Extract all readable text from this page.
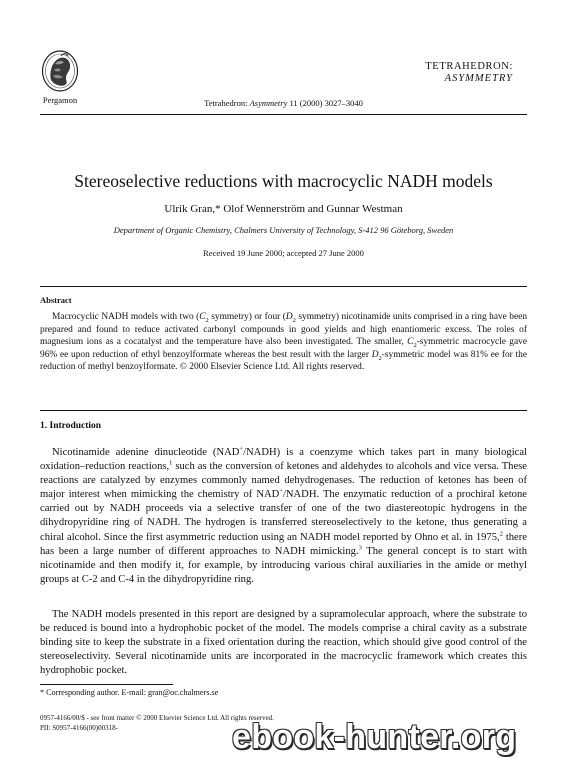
Pergamon	Tetrahedron: Asymmetry 11 (2000) 3027–3040
TETRAHEDRON:
ASYMMETRY
Stereoselective reductions with macrocyclic NADH models
Ulrik Gran,* Olof Wennerström and Gunnar Westman
Department of Organic Chemistry, Chalmers University of Technology, S-412 96 Göteborg, Sweden
Received 19 June 2000; accepted 27 June 2000
Abstract
Macrocyclic NADH models with two ($C_2$ symmetry) or four ($D_2$ symmetry) nicotinamide units comprised in a ring have been prepared and found to reduce activated carbonyl compounds in good yields and high enantiomeric excess. The roles of magnesium ions as a cocatalyst and the temperature have also been investigated. The smaller, $C_2$-symmetric macrocycle gave 96% ee upon reduction of ethyl benzoylformate whereas the best result with the larger $D_2$-symmetric model was 81% ee for the reduction of methyl benzoylformate. © 2000 Elsevier Science Ltd. All rights reserved.
1. Introduction

Nicotinamide adenine dinucleotide (NAD+/NADH) is a coenzyme which takes part in many biological oxidation–reduction reactions,$^1$ such as the conversion of ketones and aldehydes to alcohols and vice versa. These reactions are catalyzed by enzymes commonly named dehydrogenases. The reduction of ketones has been of major interest when mimicking the chemistry of NAD+/NADH. The enzymatic reduction of a prochiral ketone carried out by NADH proceeds via a selective transfer of one of the two diastereotopic hydrogens in the dihydropyridine ring of NADH. The hydrogen is transferred stereoselectively to the ketone, thus generating a chiral alcohol. Since the first asymmetric reduction using an NADH model reported by Ohno et al. in 1975,$^2$ there has been a large number of different approaches to NADH mimicking.$^3$ The general concept is to start with nicotinamide and then modify it, for example, by introducing various chiral auxiliaries in the amide or methyl groups at C-2 and C-4 in the dihydropyridine ring.

The NADH models presented in this report are designed by a supramolecular approach, where the substrate to be reduced is bound into a hydrophobic pocket of the model. The models comprise a chiral cavity as a substrate binding site to keep the substrate in a fixed orientation during the reaction, which should give good control of the stereoselectivity. Several nicotinamide units are incorporated in the macrocyclic framework which creates this hydrophobic pocket.

* Corresponding author. E-mail: gran@oc.chalmers.se
0957-4166/00/$ - see front matter © 2000 Elsevier Science Ltd. All rights reserved.
PII: S0957-4166(00)00318-	ebook-hunter.org
